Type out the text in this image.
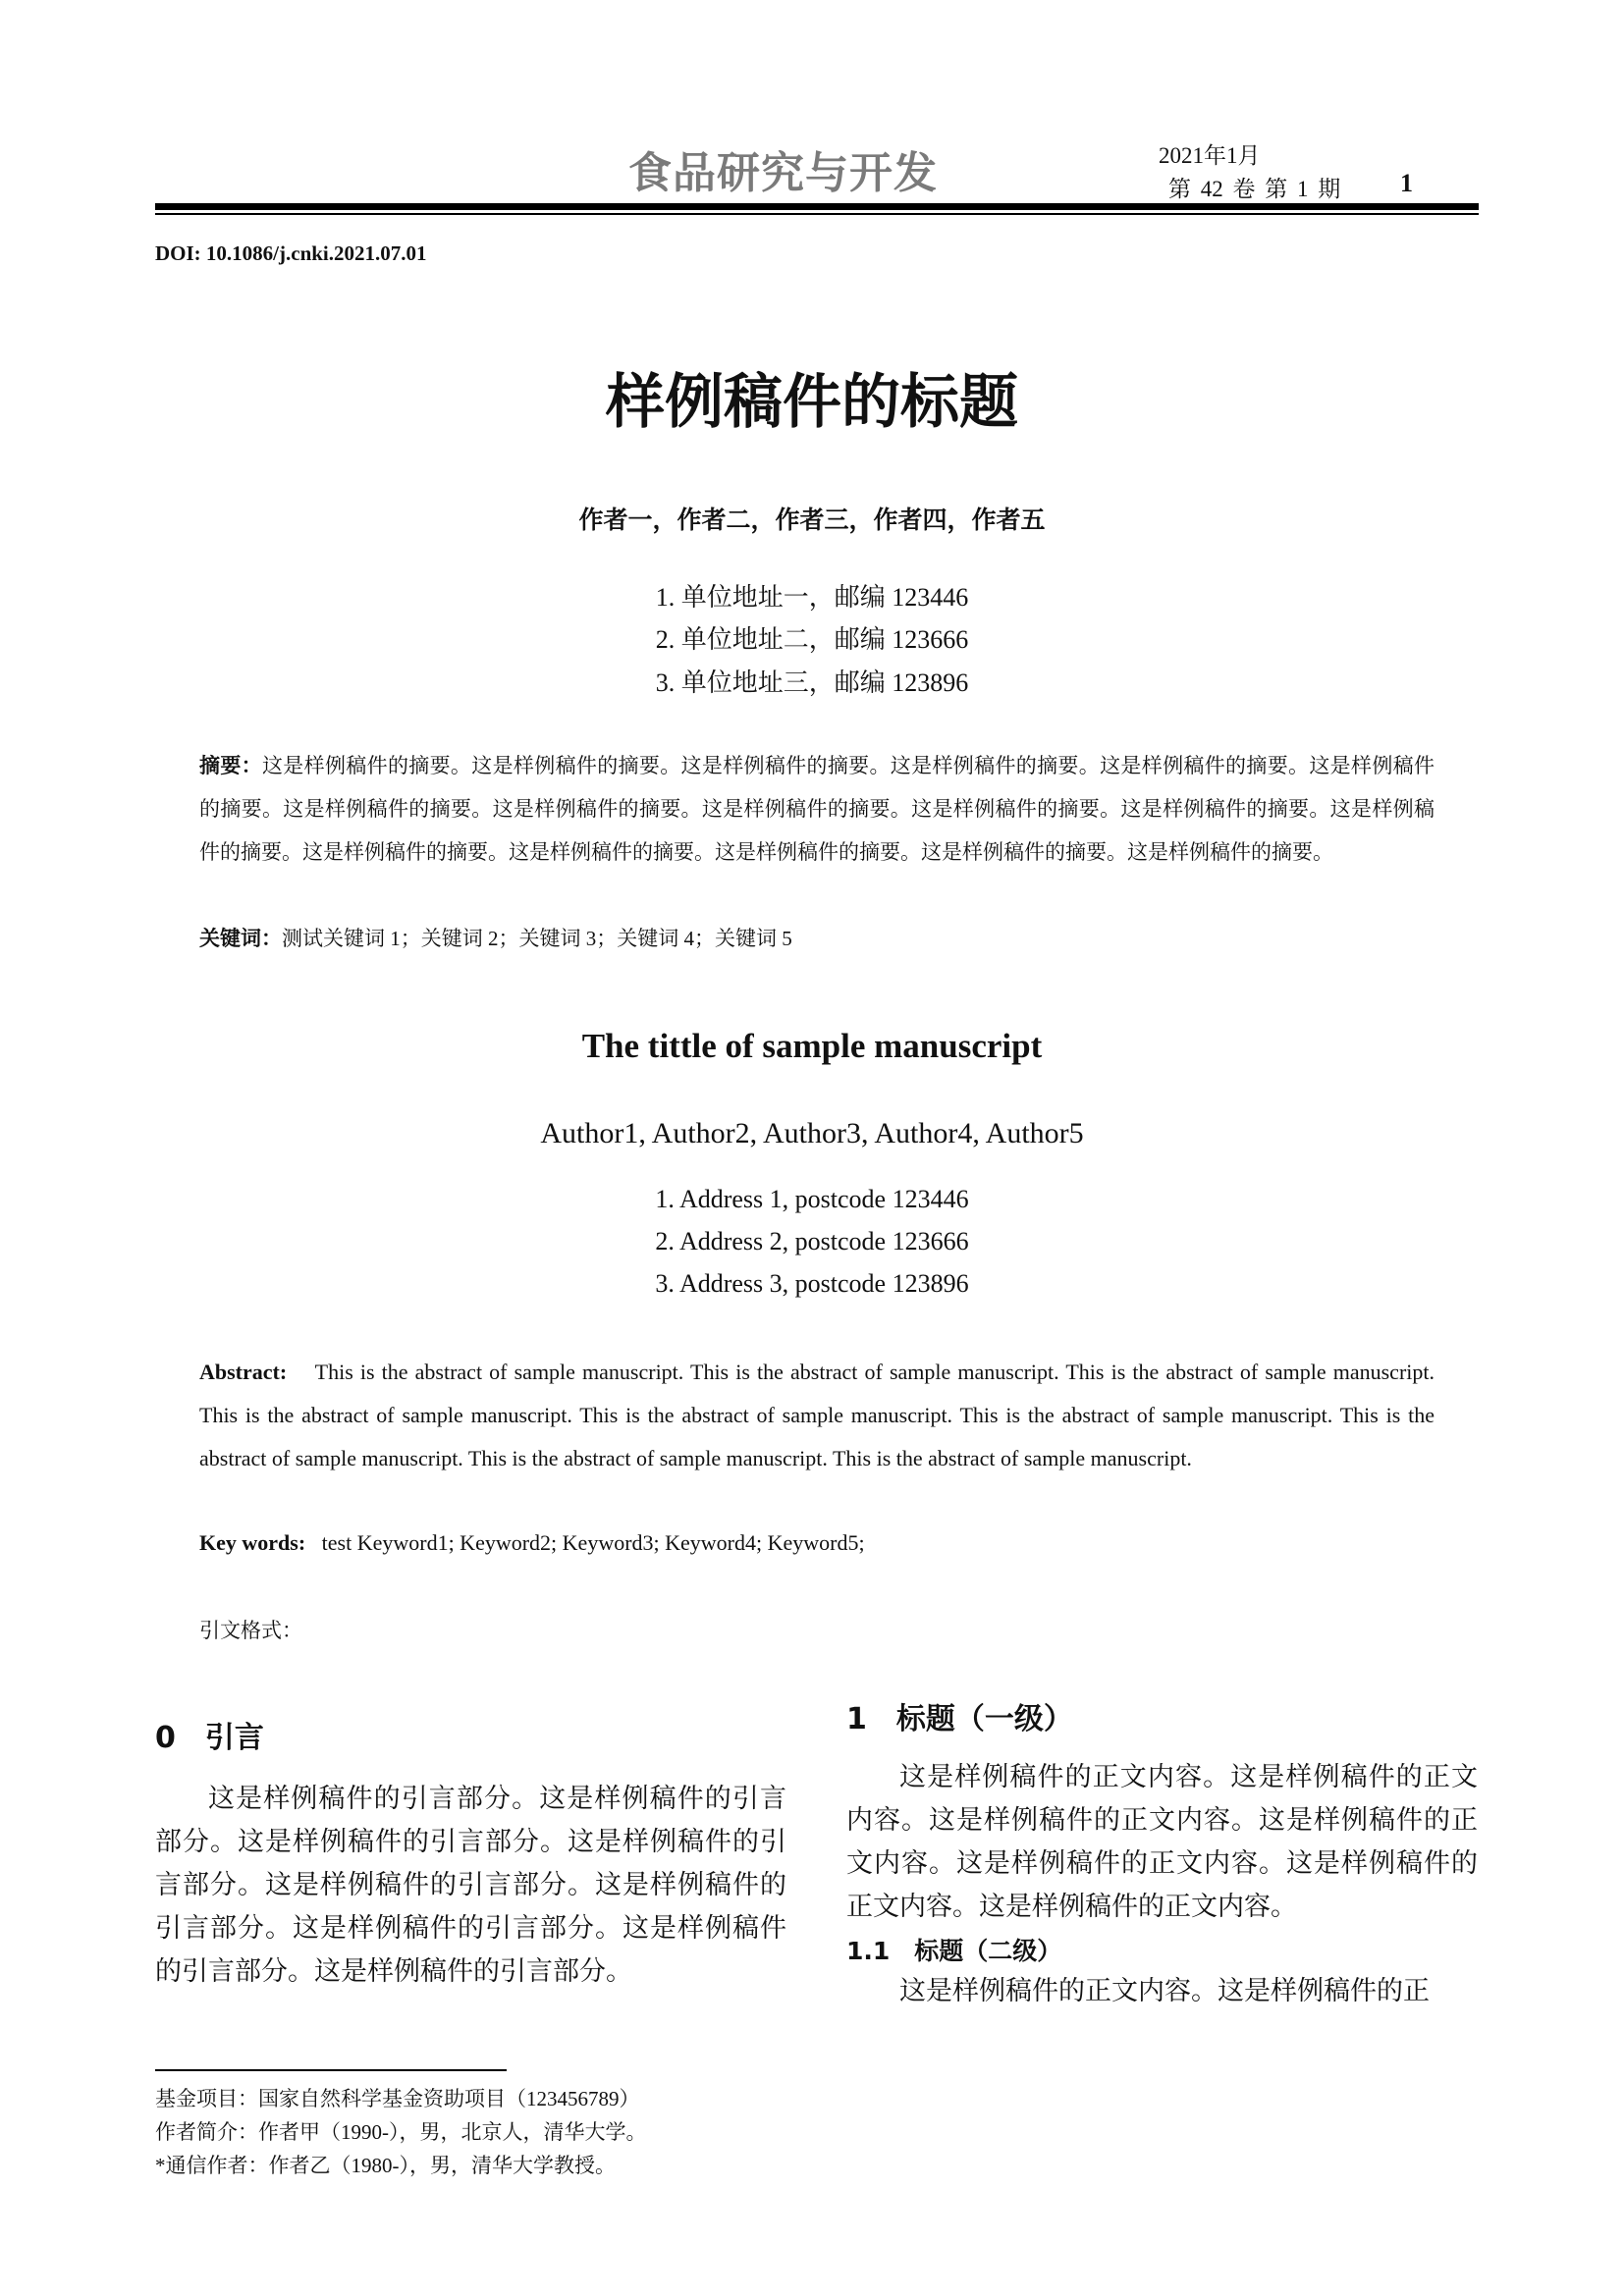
食品研究与开发	2021年1月
第 42 卷 第 1 期 1
DOI: 10.1086/j.cnki.2021.07.01
样例稿件的标题
作者一，作者二，作者三，作者四，作者五
1. 单位地址一，邮编 123446
2. 单位地址二，邮编 123666
3. 单位地址三，邮编 123896
摘要：这是样例稿件的摘要。这是样例稿件的摘要。这是样例稿件的摘要。这是样例稿件的摘要。这是样例稿件的摘要。这是样例稿件的摘要。这是样例稿件的摘要。这是样例稿件的摘要。这是样例稿件的摘要。这是样例稿件的摘要。这是样例稿件的摘要。这是样例稿件的摘要。这是样例稿件的摘要。这是样例稿件的摘要。这是样例稿件的摘要。这是样例稿件的摘要。这是样例稿件的摘要。
关键词：测试关键词 1；关键词 2；关键词 3；关键词 4；关键词 5
The tittle of sample manuscript
Author1, Author2, Author3, Author4, Author5
1. Address 1, postcode 123446
2. Address 2, postcode 123666
3. Address 3, postcode 123896
Abstract: This is the abstract of sample manuscript. This is the abstract of sample manuscript. This is the abstract of sample manuscript. This is the abstract of sample manuscript. This is the abstract of sample manuscript. This is the abstract of sample manuscript. This is the abstract of sample manuscript. This is the abstract of sample manuscript. This is the abstract of sample manuscript.
Key words: test Keyword1; Keyword2; Keyword3; Keyword4; Keyword5;
引文格式：
0　引言
这是样例稿件的引言部分。这是样例稿件的引言部分。这是样例稿件的引言部分。这是样例稿件的引言部分。这是样例稿件的引言部分。这是样例稿件的引言部分。这是样例稿件的引言部分。这是样例稿件的引言部分。这是样例稿件的引言部分。
1　标题（一级）
这是样例稿件的正文内容。这是样例稿件的正文内容。这是样例稿件的正文内容。这是样例稿件的正文内容。这是样例稿件的正文内容。这是样例稿件的正文内容。这是样例稿件的正文内容。
1.1　标题（二级）
这是样例稿件的正文内容。这是样例稿件的正
基金项目：国家自然科学基金资助项目（123456789）
作者简介：作者甲（1990-），男，北京人，清华大学。
*通信作者：作者乙（1980-），男，清华大学教授。
